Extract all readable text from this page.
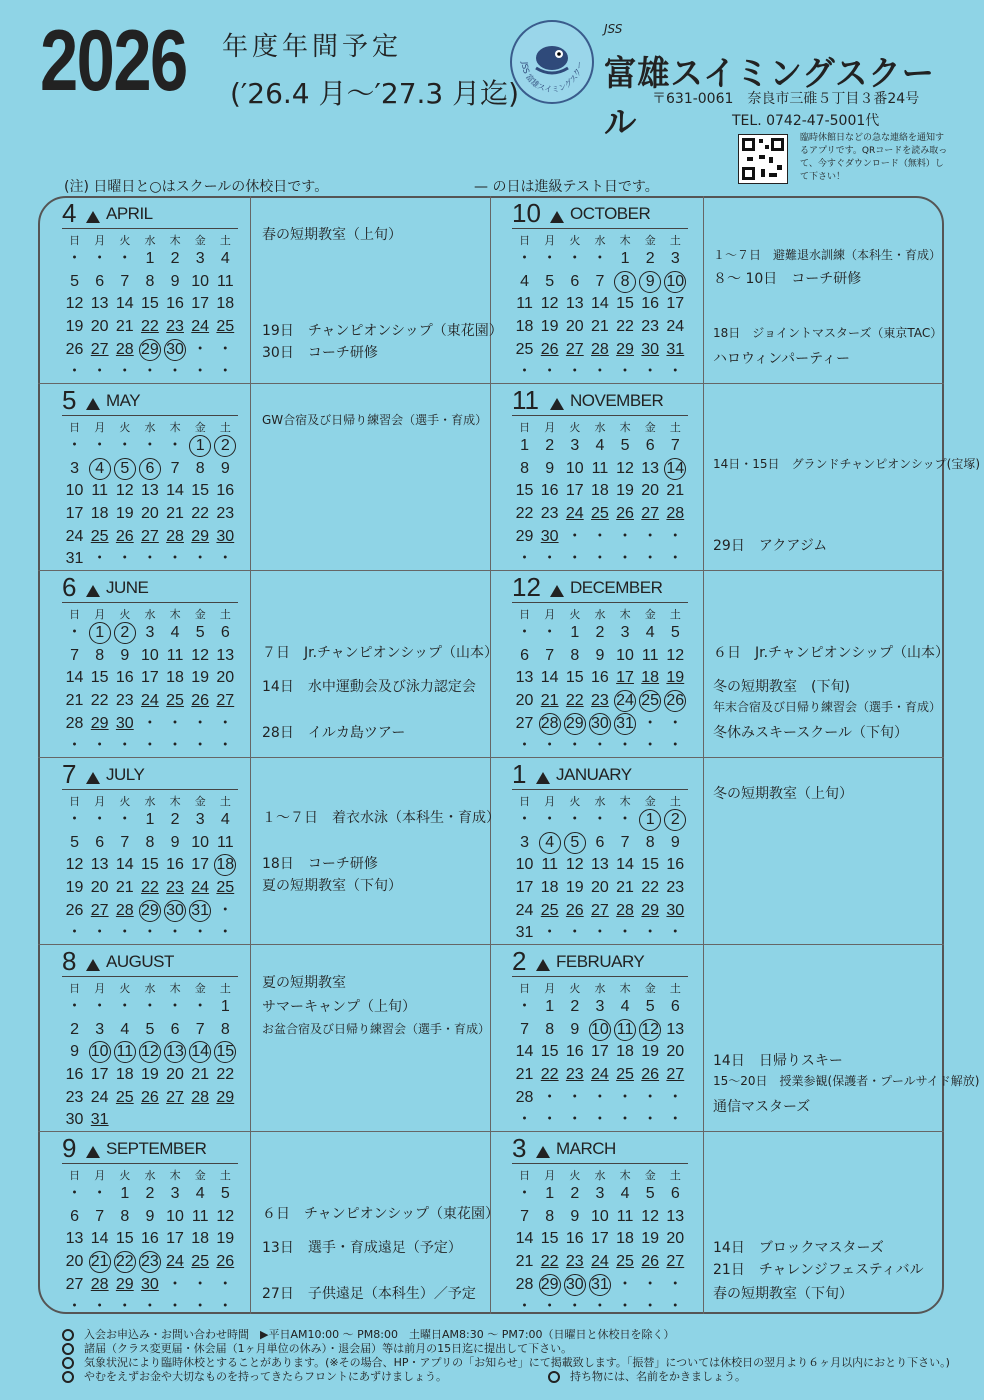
2026 年度年間予定
(′26.4 月〜′27.3 月迄)
JSS 富雄スイミングスクー
JSS
富雄スイミングスクール
〒631-0061　奈良市三碓５丁目３番24号
TEL. 0742-47-5001代
臨時休館日などの急な連絡を通知するアプリです。QRコードを読み取って、今すぐダウンロード（無料）して下さい！
(注) 日曜日と○はスクールの休校日です。	— の日は進級テスト日です。
4 APRIL
日	月	火	水	木	金	土
・ ・ ・ 1	2	3	4
5	6	7	8	9 10 11
12 13 14 15 16 17 18
19 20 21 22 23 24 25
26 27 28 29 30 ・ ・
・ ・ ・ ・ ・ ・ ・
春の短期教室（上旬）
19日　チャンピオンシップ（東花園）
30日　コーチ研修
5 MAY
日	月	火	水	木	金	土
・ ・ ・ ・ ・ 1	2
3	4	5	6	7	8	9
10 11 12 13 14 15 16
17 18 19 20 21 22 23
24 25 26 27 28 29 30
31 ・ ・ ・ ・ ・ ・
GW合宿及び日帰り練習会（選手・育成）
6 JUNE
日	月	火	水	木	金	土
・ 1	2	3	4	5	6
7	8	9 10 11 12 13
14 15 16 17 18 19 20
21 22 23 24 25 26 27
28 29 30 ・ ・ ・ ・
・ ・ ・ ・ ・ ・ ・
７日　Jr.チャンピオンシップ（山本）
14日　水中運動会及び泳力認定会
28日　イルカ島ツアー
7 JULY
日	月	火	水	木	金	土
・ ・ ・ 1	2	3	4
5	6	7	8	9 10 11
12 13 14 15 16 17 18
19 20 21 22 23 24 25
26 27 28 29 30 31 ・
・ ・ ・ ・ ・ ・ ・
１〜７日　着衣水泳（本科生・育成）
18日　コーチ研修
夏の短期教室（下旬）
8 AUGUST
日	月	火	水	木	金	土
・ ・ ・ ・ ・ ・ 1
2	3	4	5	6	7	8
9 10 11 12 13 14 15
16 17 18 19 20 21 22
23 24 25 26 27 28 29
30 31
夏の短期教室
サマーキャンプ（上旬）
お盆合宿及び日帰り練習会（選手・育成）
9 SEPTEMBER
日	月	火	水	木	金	土
・ ・ 1	2	3	4	5
6	7	8	9 10 11 12
13 14 15 16 17 18 19
20 21 22 23 24 25 26
27 28 29 30 ・ ・ ・
・ ・ ・ ・ ・ ・ ・
６日　チャンピオンシップ（東花園）
13日　選手・育成遠足（予定）
27日　子供遠足（本科生）／予定
10 OCTOBER
日	月	火	水	木	金	土
・ ・ ・ ・ 1	2	3
4	5	6	7	8	9 10
11 12 13 14 15 16 17
18 19 20 21 22 23 24
25 26 27 28 29 30 31
・ ・ ・ ・ ・ ・ ・
１〜７日　避難退水訓練（本科生・育成）
８〜 10日　コーチ研修
18日　ジョイントマスターズ（東京TAC）
ハロウィンパーティー
11 NOVEMBER
日	月	火	水	木	金	土
1	2	3	4	5	6	7
8	9 10 11 12 13 14
15 16 17 18 19 20 21
22 23 24 25 26 27 28
29 30 ・ ・ ・ ・ ・
・ ・ ・ ・ ・ ・ ・
14日・15日　グランドチャンピオンシップ(宝塚)
29日　アクアジム
12 DECEMBER
日	月	火	水	木	金	土
・ ・ 1	2	3	4	5
6	7	8	9 10 11 12
13 14 15 16 17 18 19
20 21 22 23 24 25 26
27 28 29 30 31 ・ ・
・ ・ ・ ・ ・ ・ ・
６日　Jr.チャンピオンシップ（山本）
冬の短期教室　(下旬)
年末合宿及び日帰り練習会（選手・育成）
冬休みスキースクール（下旬）
1 JANUARY
日	月	火	水	木	金	土
・ ・ ・ ・ ・ 1	2
3	4	5	6	7	8	9
10 11 12 13 14 15 16
17 18 19 20 21 22 23
24 25 26 27 28 29 30
31 ・ ・ ・ ・ ・ ・
冬の短期教室（上旬）
2 FEBRUARY
日	月	火	水	木	金	土
・ 1	2	3	4	5	6
7	8	9 10 11 12 13
14 15 16 17 18 19 20
21 22 23 24 25 26 27
28 ・ ・ ・ ・ ・ ・
・ ・ ・ ・ ・ ・ ・
14日　日帰りスキー
15〜20日　授業参観(保護者・プールサイド解放)
通信マスターズ
3 MARCH
日	月	火	水	木	金	土
・ 1	2	3	4	5	6
7	8	9 10 11 12 13
14 15 16 17 18 19 20
21 22 23 24 25 26 27
28 29 30 31 ・ ・ ・
・ ・ ・ ・ ・ ・ ・
14日　ブロックマスターズ
21日　チャレンジフェスティバル
春の短期教室（下旬）
入会お申込み・お問い合わせ時間　▶平日AM10:00 〜 PM8:00　土曜日AM8:30 〜 PM7:00（日曜日と休校日を除く）
諸届（クラス変更届・休会届（1ヶ月単位の休み）・退会届）等は前月の15日迄に提出して下さい。
気象状況により臨時休校とすることがあります。(※その場合、HP・アプリの「お知らせ」にて掲載致します。「振替」については休校日の翌月より６ヶ月以内におとり下さい。)
やむをえずお金や大切なものを持ってきたらフロントにあずけましょう。	持ち物には、名前をかきましょう。
